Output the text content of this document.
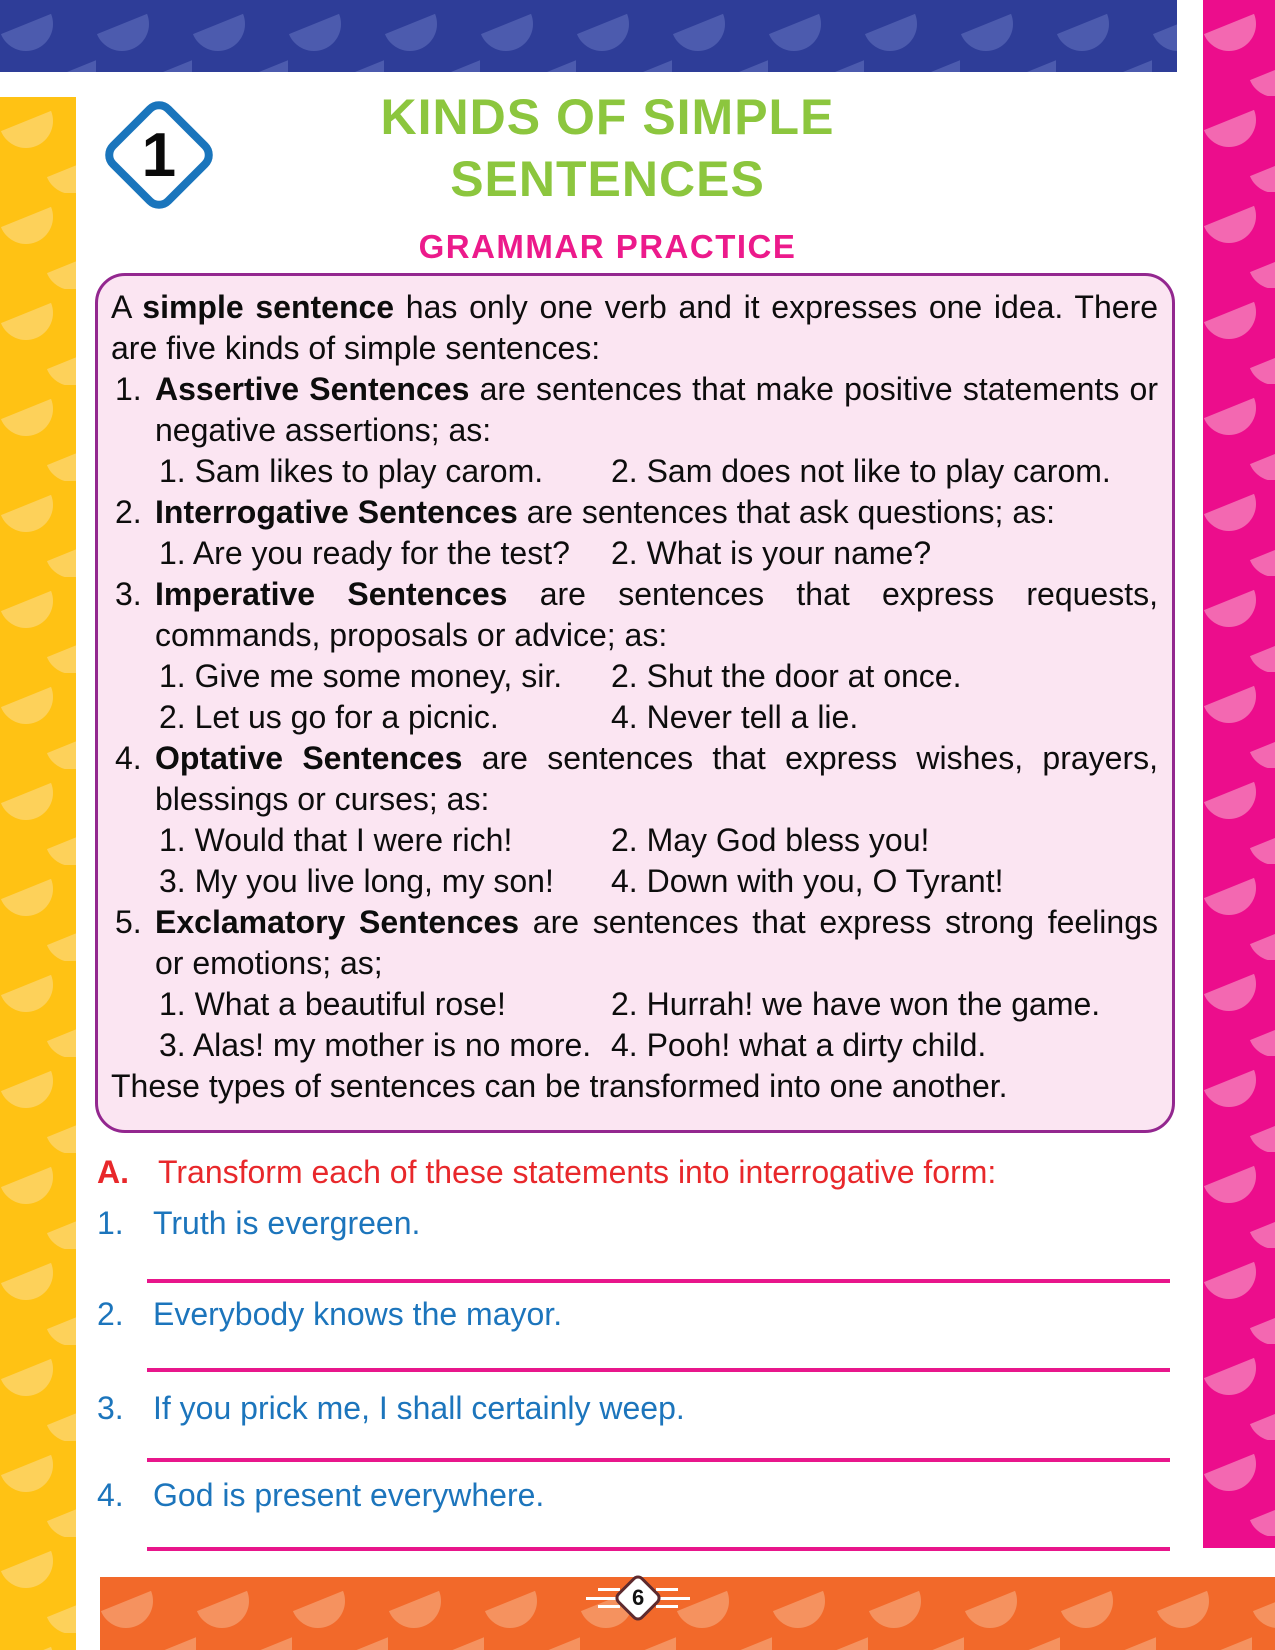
1
KINDS OF SIMPLE
SENTENCES
GRAMMAR PRACTICE
A simple sentence has only one verb and it expresses one idea. There are five kinds of simple sentences:
1. Assertive Sentences are sentences that make positive statements or negative assertions; as:
1. Sam likes to play carom.	2. Sam does not like to play carom.
2. Interrogative Sentences are sentences that ask questions; as:
1. Are you ready for the test?	2. What is your name?
3. Imperative Sentences are sentences that express requests, commands, proposals or advice; as:
1. Give me some money, sir.	2. Shut the door at once.
2. Let us go for a picnic.	4. Never tell a lie.
4. Optative Sentences are sentences that express wishes, prayers, blessings or curses; as:
1. Would that I were rich!	2. May God bless you!
3. My you live long, my son!	4. Down with you, O Tyrant!
5. Exclamatory Sentences are sentences that express strong feelings or emotions; as;
1. What a beautiful rose!	2. Hurrah! we have won the game.
3. Alas! my mother is no more. 4. Pooh! what a dirty child.
These types of sentences can be transformed into one another.
A. Transform each of these statements into interrogative form:
1. Truth is evergreen.
2. Everybody knows the mayor.
3. If you prick me, I shall certainly weep.
4. God is present everywhere.
6
